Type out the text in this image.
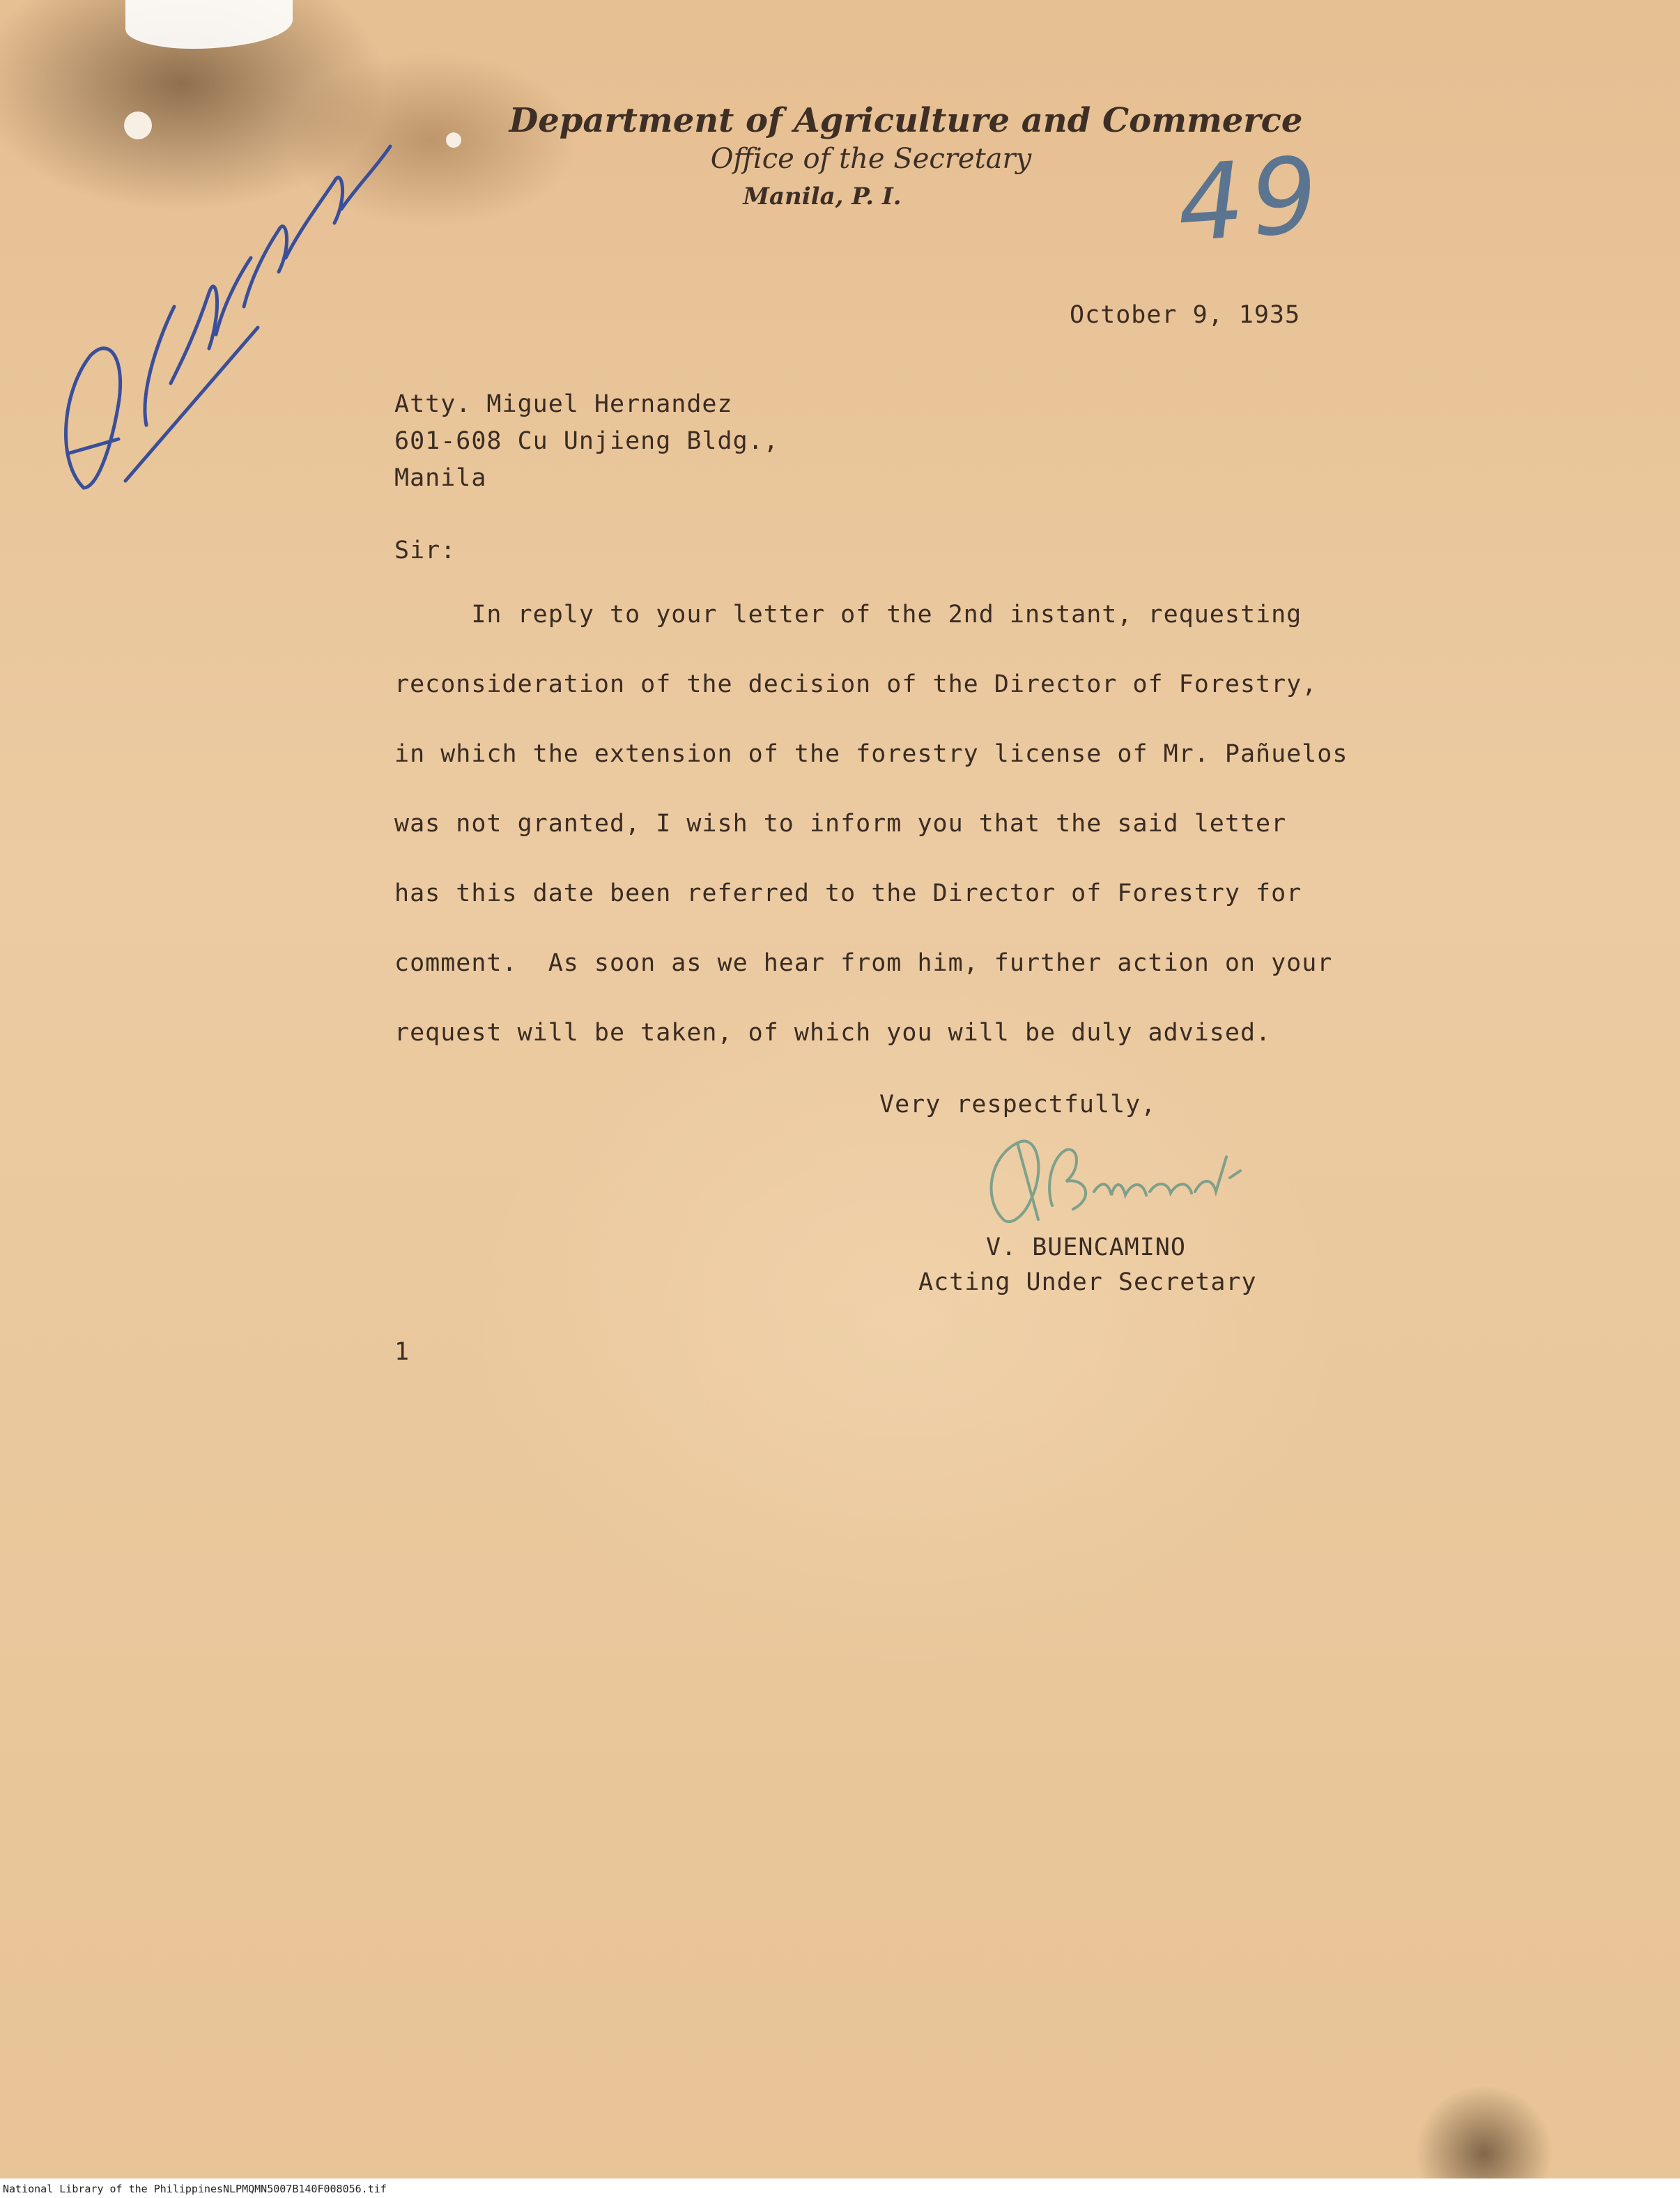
Department of Agriculture and Commerce
Office of the Secretary
Manila, P. I.	49
October 9, 1935
Atty. Miguel Hernandez
601-608 Cu Unjieng Bldg.,
Manila
Sir:
In reply to your letter of the 2nd instant, requesting
reconsideration of the decision of the Director of Forestry,
in which the extension of the forestry license of Mr. Pañuelos
was not granted, I wish to inform you that the said letter
has this date been referred to the Director of Forestry for
comment.  As soon as we hear from him, further action on your
request will be taken, of which you will be duly advised.
Very respectfully,
V. BUENCAMINO
Acting Under Secretary
1
National Library of the Philippines NLPMQMN5007B140F008056.tif
